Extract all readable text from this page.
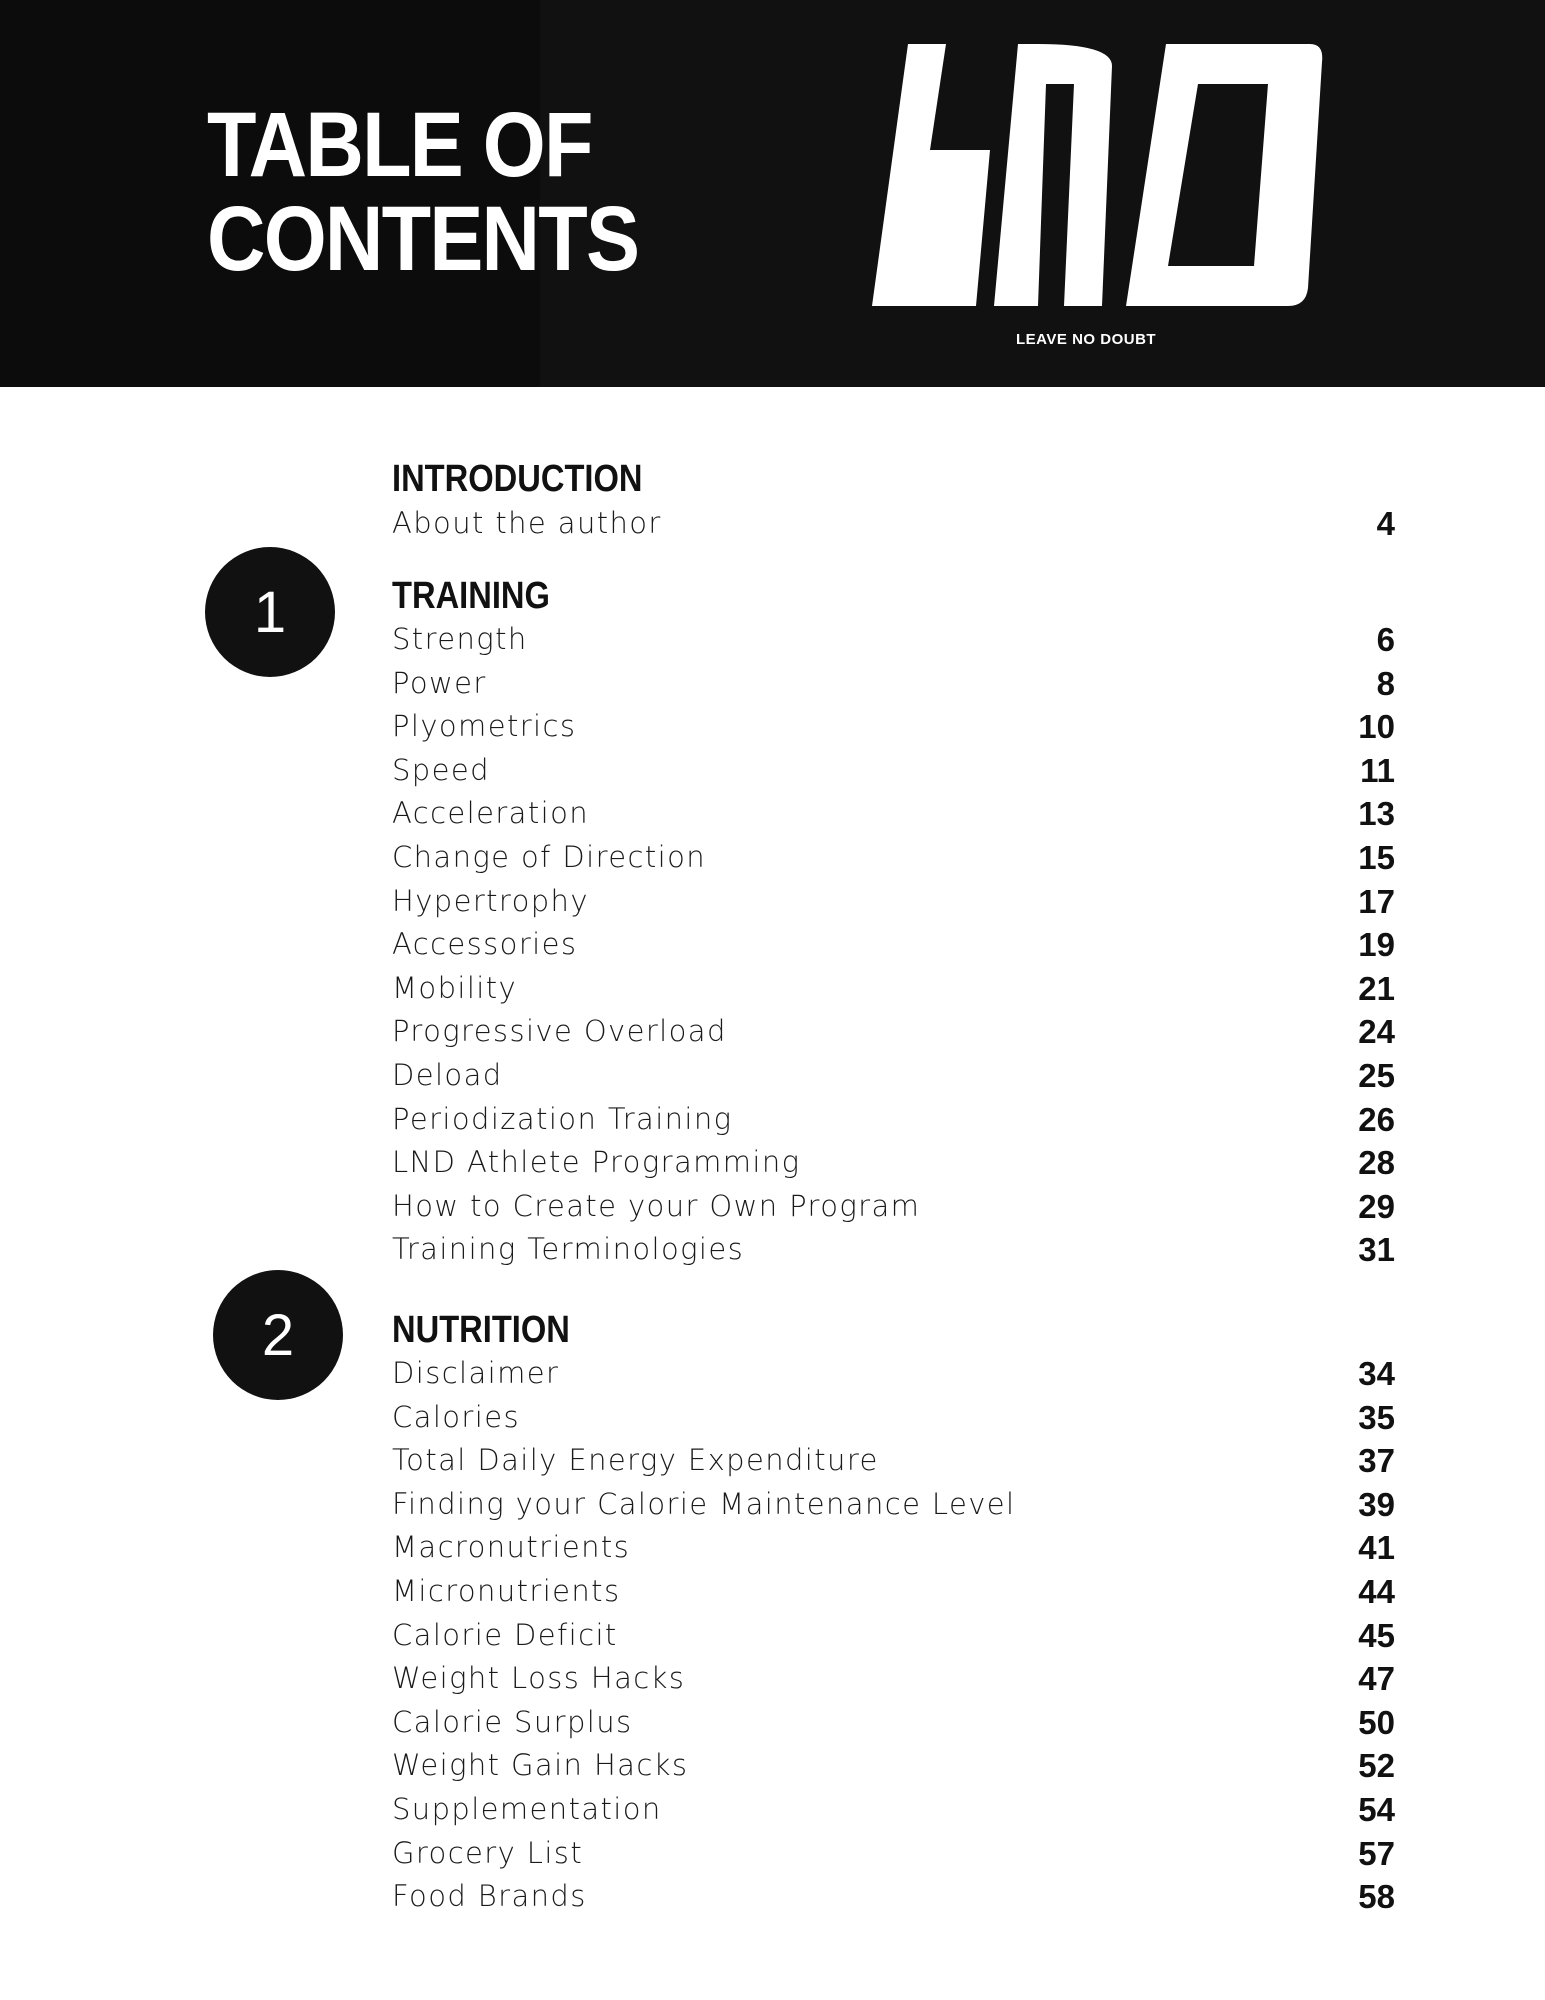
TABLE OF
CONTENTS
LEAVE NO DOUBT
INTRODUCTION
About the author	4
1	TRAINING
Strength	6
Power	8
Plyometrics	10
Speed	11
Acceleration	13
Change of Direction	15
Hypertrophy	17
Accessories	19
Mobility	21
Progressive Overload	24
Deload	25
Periodization Training	26
LND Athlete Programming	28
How to Create your Own Program	29
Training Terminologies	31
2	NUTRITION
Disclaimer	34
Calories	35
Total Daily Energy Expenditure	37
Finding your Calorie Maintenance Level	39
Macronutrients	41
Micronutrients	44
Calorie Deficit	45
Weight Loss Hacks	47
Calorie Surplus	50
Weight Gain Hacks	52
Supplementation	54
Grocery List	57
Food Brands	58
